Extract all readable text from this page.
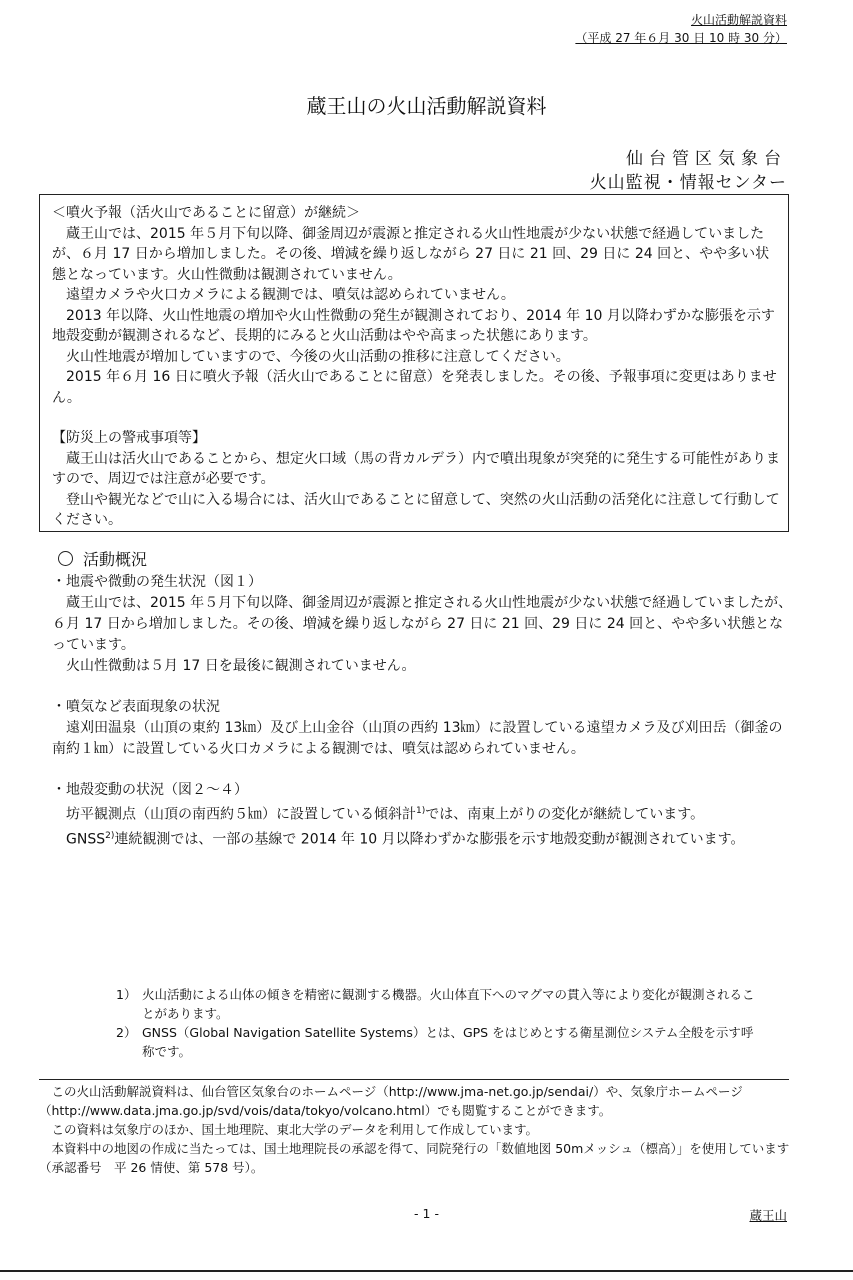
火山活動解説資料
（平成 27 年６月 30 日 10 時 30 分）
蔵王山の火山活動解説資料
仙台管区気象台
火山監視・情報センター

＜噴火予報（活火山であることに留意）が継続＞

蔵王山では、2015 年５月下旬以降、御釜周辺が震源と推定される火山性地震が少ない状態で経過していましたが、６月 17 日から増加しました。その後、増減を繰り返しながら 27 日に 21 回、29 日に 24 回と、やや多い状態となっています。火山性微動は観測されていません。

遠望カメラや火口カメラによる観測では、噴気は認められていません。

2013 年以降、火山性地震の増加や火山性微動の発生が観測されており、2014 年 10 月以降わずかな膨張を示す地殻変動が観測されるなど、長期的にみると火山活動はやや高まった状態にあります。

火山性地震が増加していますので、今後の火山活動の推移に注意してください。

2015 年６月 16 日に噴火予報（活火山であることに留意）を発表しました。その後、予報事項に変更はありません。

【防災上の警戒事項等】

蔵王山は活火山であることから、想定火口域（馬の背カルデラ）内で噴出現象が突発的に発生する可能性がありますので、周辺では注意が必要です。

登山や観光などで山に入る場合には、活火山であることに留意して、突然の火山活動の活発化に注意して行動してください。

活動概況

・地震や微動の発生状況（図１）

蔵王山では、2015 年５月下旬以降、御釜周辺が震源と推定される火山性地震が少ない状態で経過していましたが、６月 17 日から増加しました。その後、増減を繰り返しながら 27 日に 21 回、29 日に 24 回と、やや多い状態となっています。

火山性微動は５月 17 日を最後に観測されていません。

・噴気など表面現象の状況

遠刈田温泉（山頂の東約 13㎞）及び上山金谷（山頂の西約 13㎞）に設置している遠望カメラ及び刈田岳（御釜の南約１㎞）に設置している火口カメラによる観測では、噴気は認められていません。

・地殻変動の状況（図２～４）

坊平観測点（山頂の南西約５㎞）に設置している傾斜計$^{1)}$では、南東上がりの変化が継続しています。

GNSS$^{2)}$連続観測では、一部の基線で 2014 年 10 月以降わずかな膨張を示す地殻変動が観測されています。

1） 火山活動による山体の傾きを精密に観測する機器。火山体直下へのマグマの貫入等により変化が観測されることがあります。
2） GNSS（Global Navigation Satellite Systems）とは、GPS をはじめとする衛星測位システム全般を示す呼称です。

この火山活動解説資料は、仙台管区気象台のホームページ（http://www.jma-net.go.jp/sendai/）や、気象庁ホームページ（http://www.data.jma.go.jp/svd/vois/data/tokyo/volcano.html）でも閲覧することができます。

この資料は気象庁のほか、国土地理院、東北大学のデータを利用して作成しています。

本資料中の地図の作成に当たっては、国土地理院長の承認を得て、同院発行の「数値地図 50mメッシュ（標高）」を使用しています（承認番号　平 26 情使、第 578 号）。

- 1 -	蔵王山
